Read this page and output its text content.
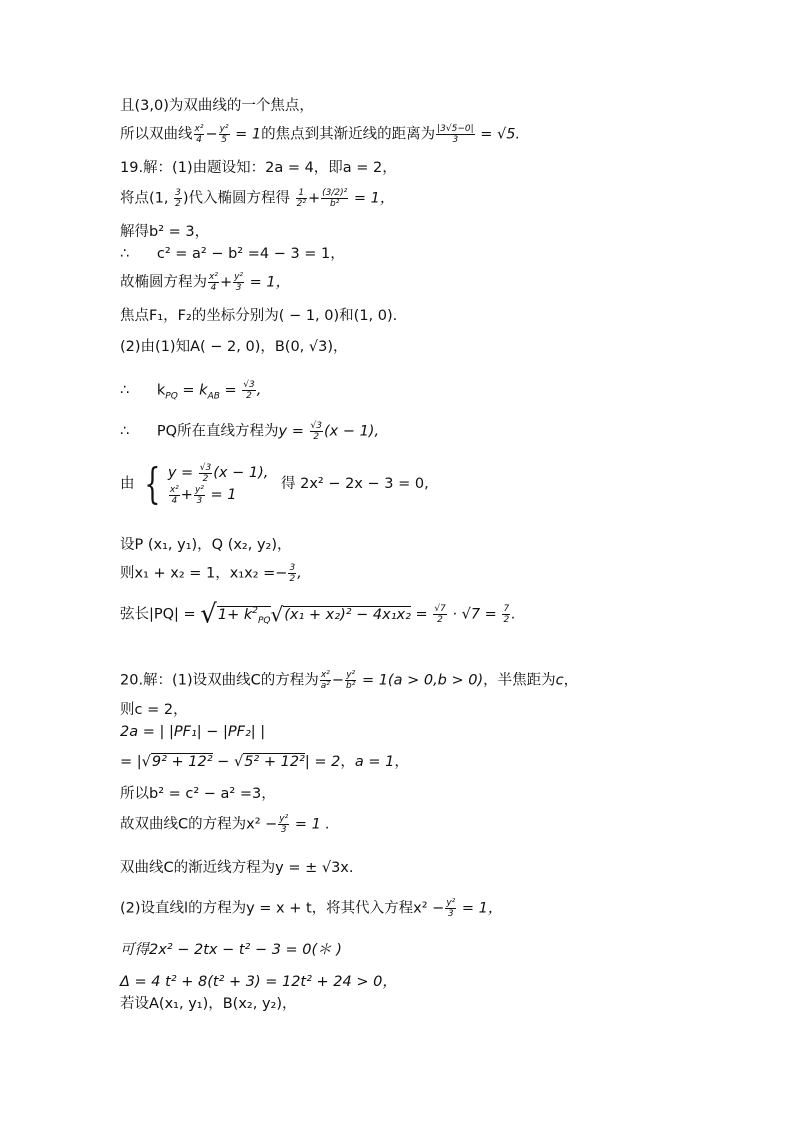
且(3,0)为双曲线的一个焦点，
所以双曲线 $\frac{\text{x²}}{4} - \frac{\text{y²}}{5} = 1$的焦点到其渐近线的距离为 $\frac{|3√5-0|}{3} = √5$.
19.解：(1)由题设知：2a = 4，即a = 2，
将点(1, $\frac{3}{2}$ )代入椭圆方程得 $\frac{1}{\text{2²}} + \frac{\text{(3/2)²}}{\text{b²}} = 1$，
解得b² = 3，
∴      c² = a² − b² =4 − 3 = 1，
故椭圆方程为 $\frac{\text{x²}}{4} + \frac{\text{y²}}{3} = 1$，
焦点F₁，F₂的坐标分别为( − 1, 0)和(1, 0).
(2)由(1)知A( − 2, 0)，B(0, √3)，
∴      $k_{PQ} = k_{AB} = \frac{√3}{2}$ ,
∴      PQ所在直线方程为$y = \frac{√3}{2} (x - 1)$,
由 { $y = \frac{√3}{2} (x - 1)$,

$\frac{\text{x²}}{4} + \frac{\text{y²}}{3} = 1$ 得 2x² − 2x − 3 = 0,
设P (x₁, y₁)，Q (x₂, y₂)，
则x₁ + x₂ = 1，$x_1x_2 =- \frac{3}{2}$ ,
弦长$|PQ| = √1+ k^2_{PQ}√(x_1 + x_2)^2 - 4x_1x_2 = \frac{√7}{2} \cdot √7 = \frac{7}{2}$ .
20.解：(1)设双曲线C的方程为 $\frac{\text{x²}}{\text{a²}} - \frac{\text{y²}}{\text{b²}} = 1(a > 0,b > 0)$，半焦距为c，
则c = 2，
2a = | |PF₁| − |PF₂| |
= |√9² + 12² − √5² + 12²| = 2，a = 1，
所以b² = c² − a² =3，
故双曲线C的方程为$x^2 - \frac{\text{y²}}{3} = 1$ .
双曲线C的渐近线方程为y = ± √3x.
(2)设直线l的方程为y = x + t，将其代入方程$x^2 - \frac{\text{y²}}{3} = 1$，
可得2x² − 2tx − t² − 3 = 0(＊ )
Δ = 4 t² + 8(t² + 3) = 12t² + 24 > 0，
若设A(x₁, y₁)，B(x₂, y₂)，
